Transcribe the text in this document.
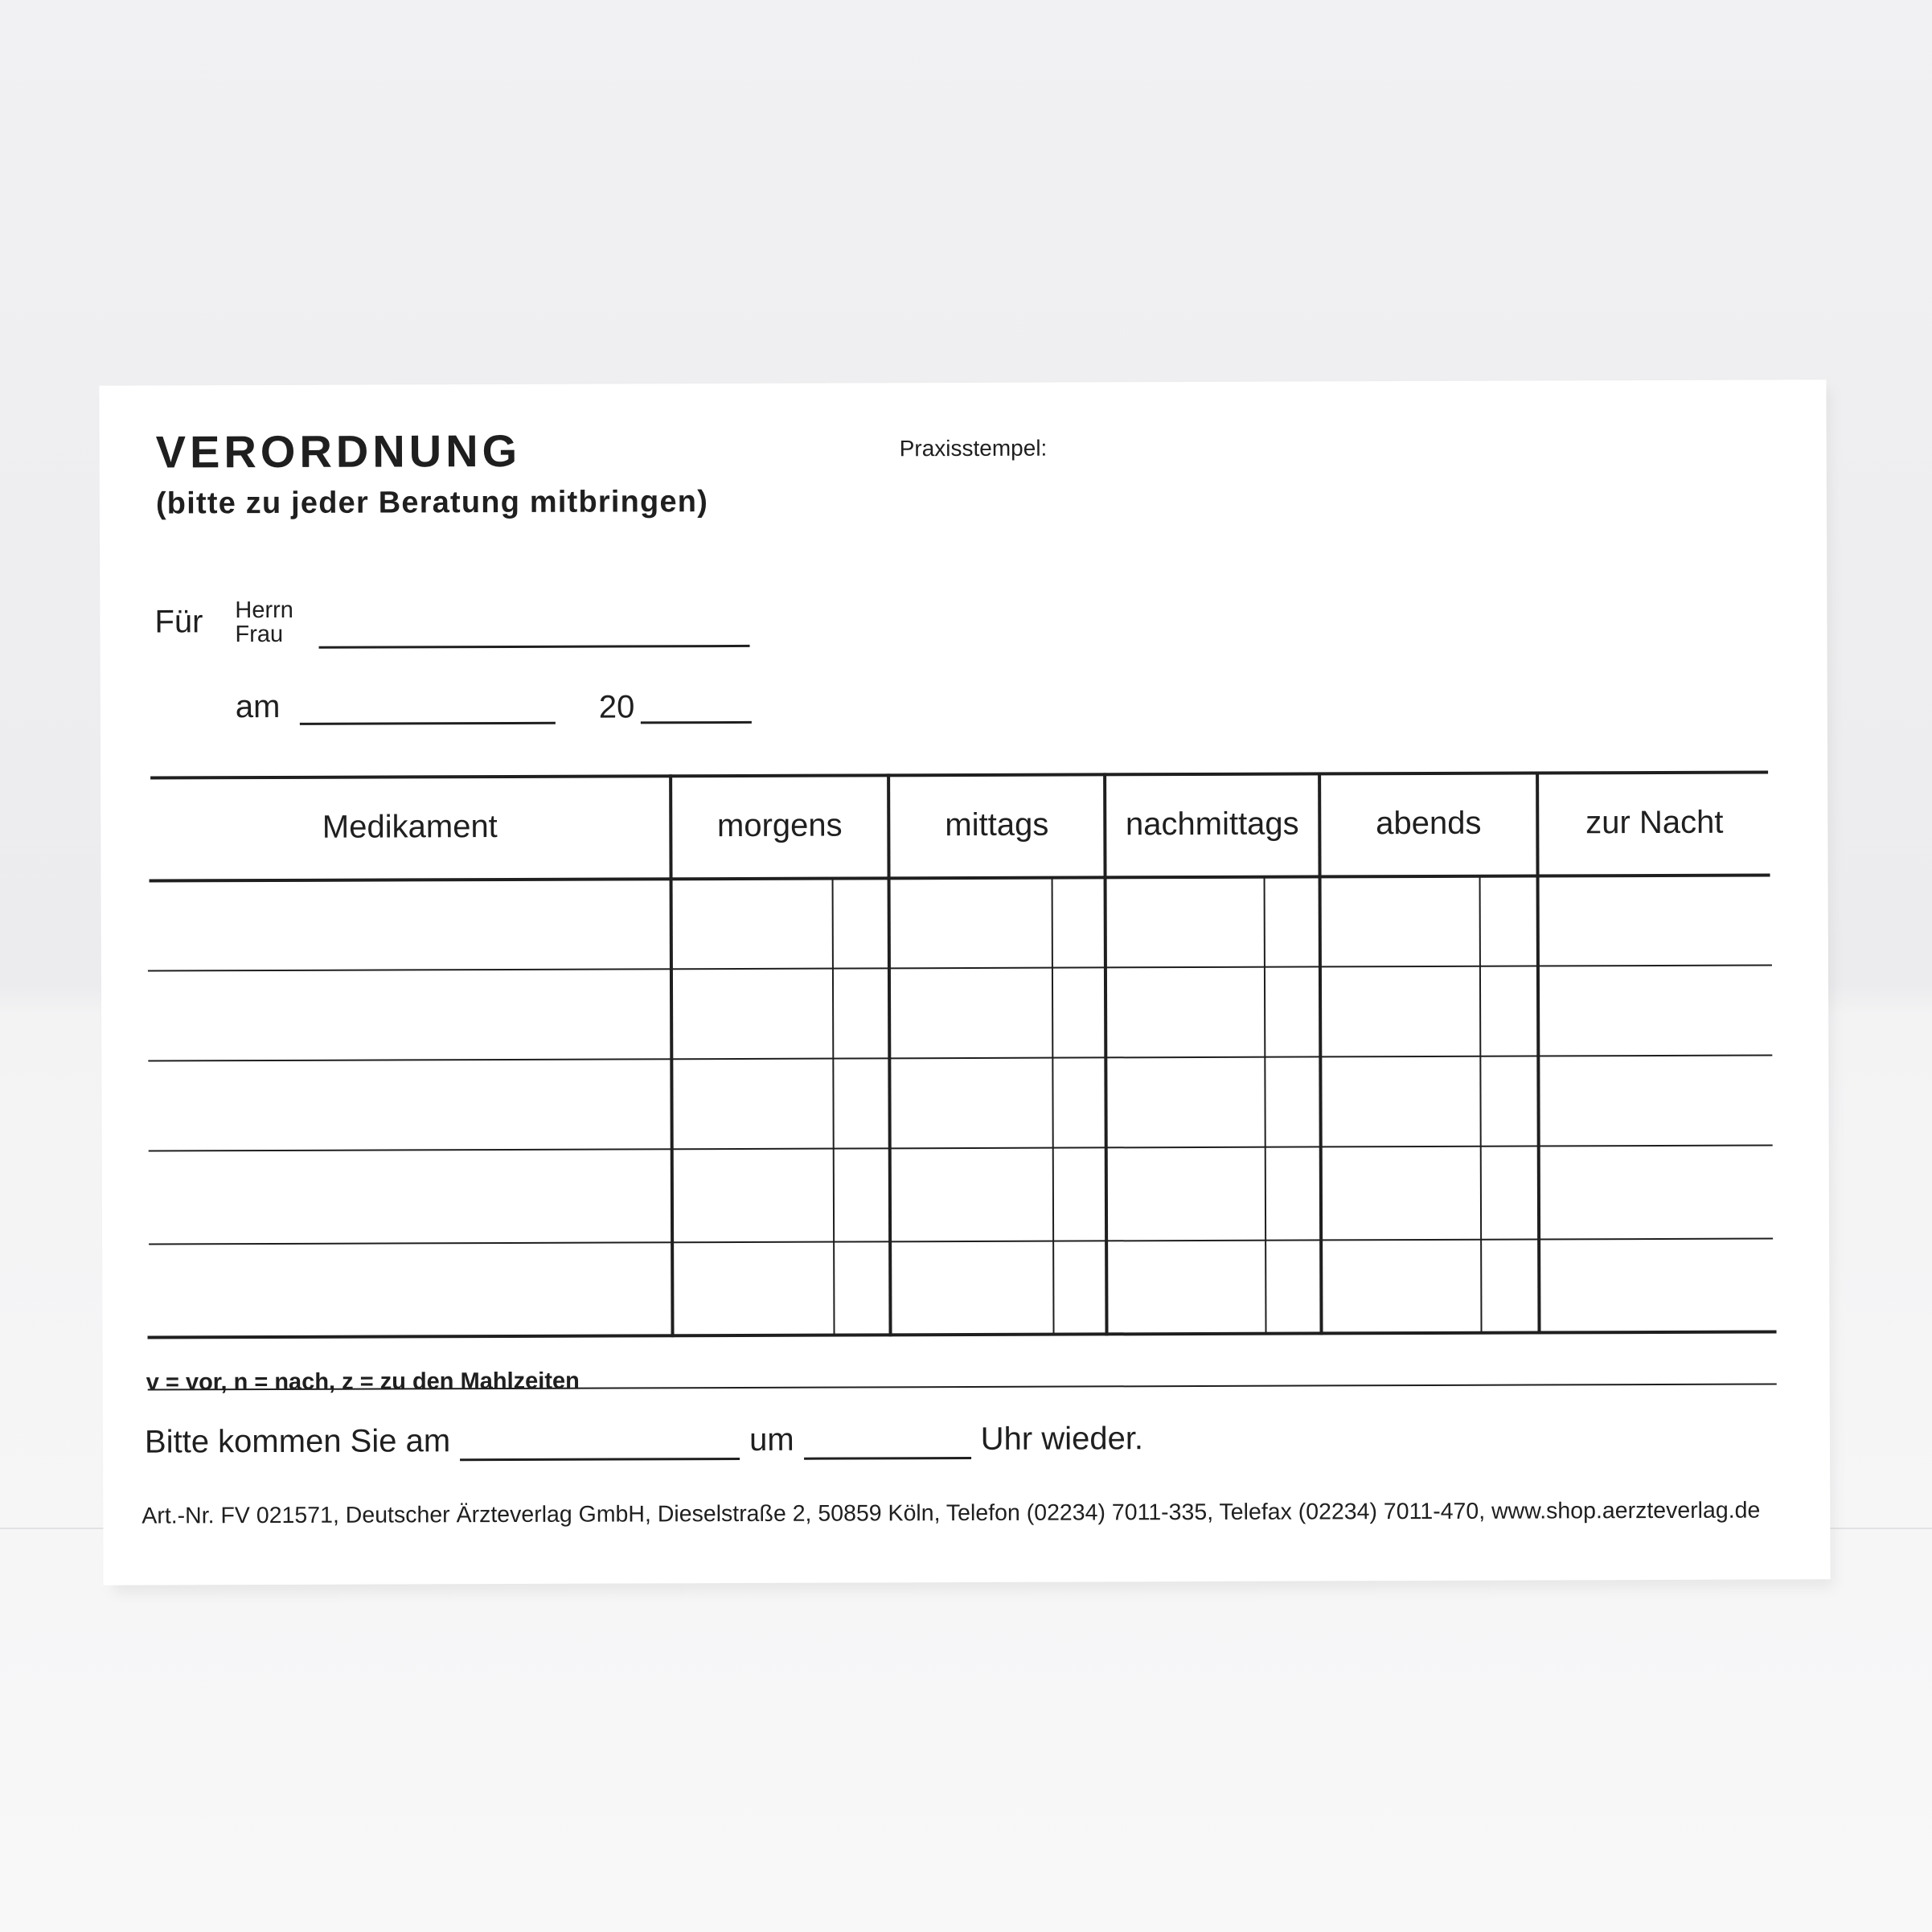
VERORDNUNG
(bitte zu jeder Beratung mitbringen)
Praxisstempel:
Für Herrn
Frau
am	20
Medikament	morgens	mittags	nachmittags	abends	zur Nacht
v = vor, n = nach, z = zu den Mahlzeiten
Bitte kommen Sie am	um	Uhr wieder.
Art.-Nr. FV 021571, Deutscher Ärzteverlag GmbH, Dieselstraße 2, 50859 Köln, Telefon (02234) 7011-335, Telefax (02234) 7011-470, www.shop.aerzteverlag.de
